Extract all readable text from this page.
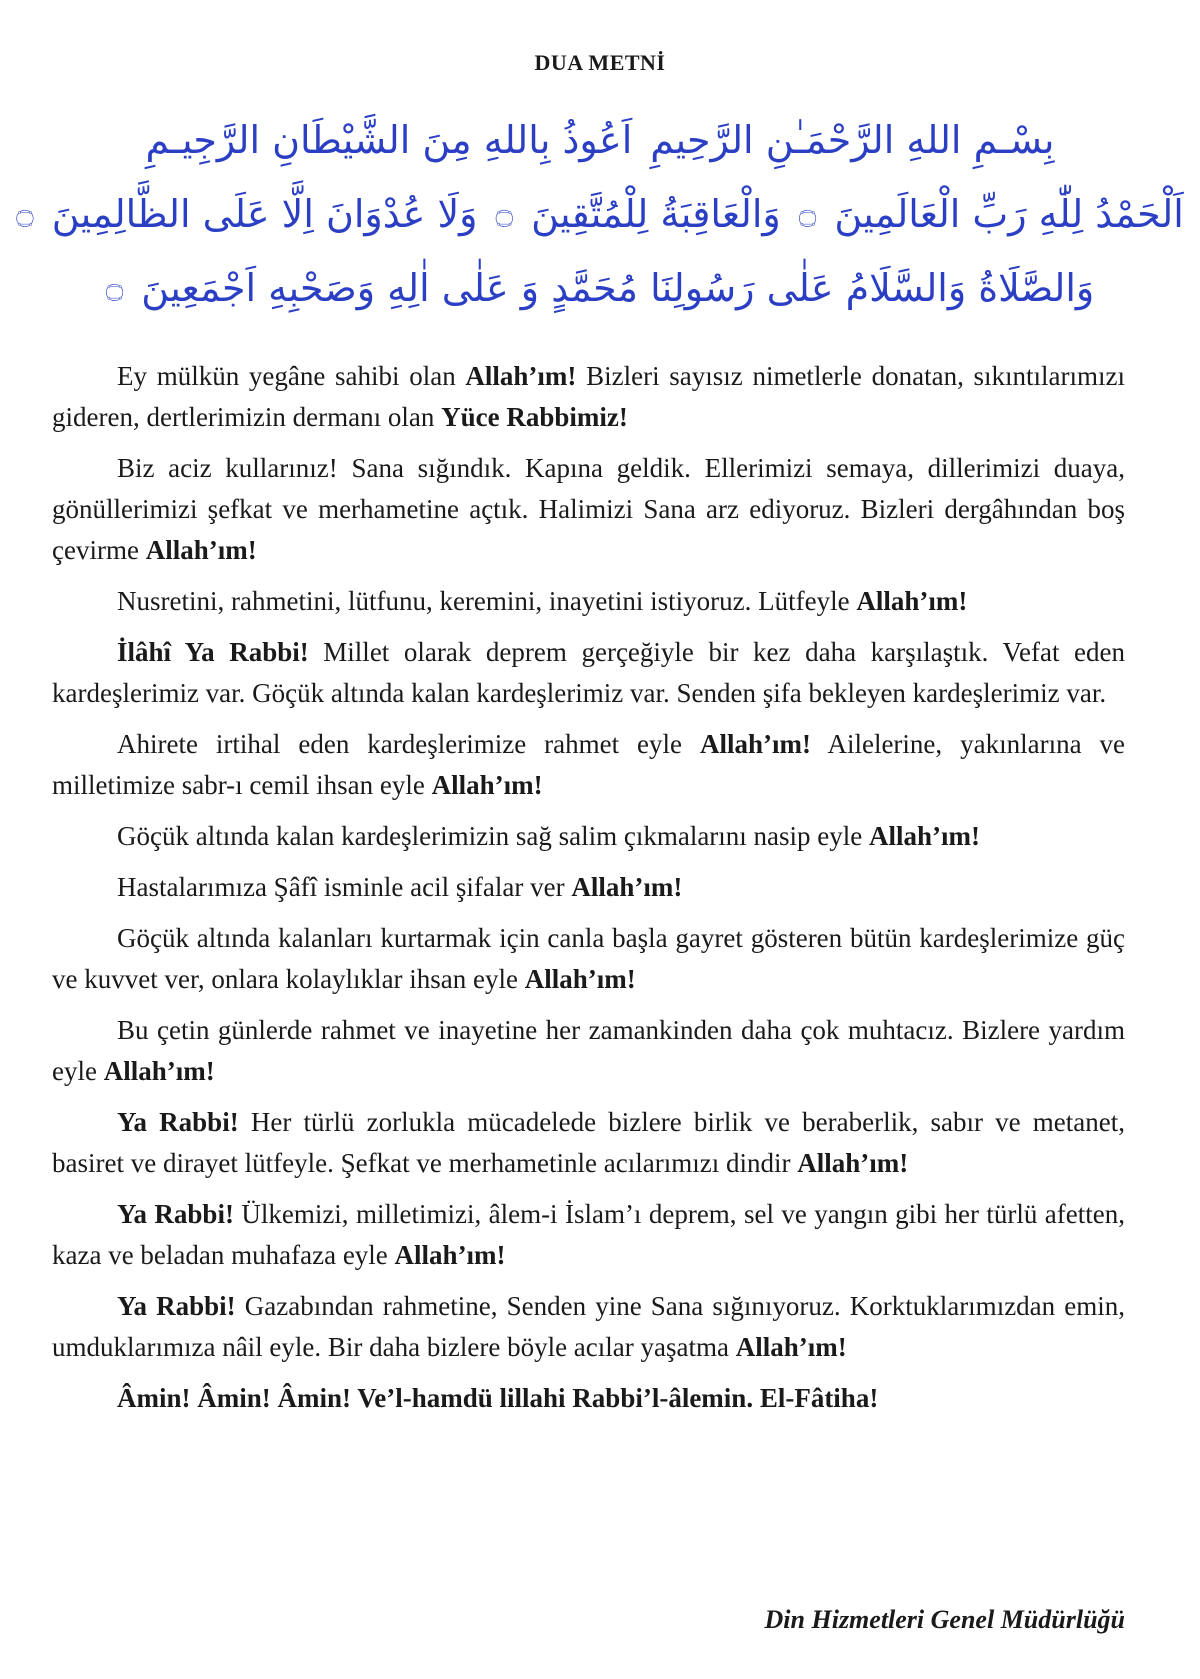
DUA METNİ
بِسْـمِ اللهِ الرَّحْمَـٰنِ الرَّحِيمِ
اَعُوذُ بِاللهِ مِنَ الشَّيْطَانِ الرَّجِيـمِ
اَلْحَمْدُ لِلّٰهِ رَبِّ الْعَالَمِينَ
۝
وَالْعَاقِبَةُ لِلْمُتَّقِينَ
۝
وَلَا عُدْوَانَ اِلَّا عَلَى الظَّالِمِينَ
۝
وَالصَّلَاةُ وَالسَّلَامُ عَلٰى رَسُولِنَا مُحَمَّدٍ وَ عَلٰى اٰلِهِ وَصَحْبِهِ اَجْمَعِينَ
۝

Ey mülkün yegâne sahibi olan Allah’ım! Bizleri sayısız nimetlerle donatan, sıkıntılarımızı gideren, dertlerimizin dermanı olan Yüce Rabbimiz!

Biz aciz kullarınız! Sana sığındık. Kapına geldik. Ellerimizi semaya, dillerimizi duaya, gönüllerimizi şefkat ve merhametine açtık. Halimizi Sana arz ediyoruz. Bizleri dergâhından boş çevirme Allah’ım!

Nusretini, rahmetini, lütfunu, keremini, inayetini istiyoruz. Lütfeyle Allah’ım!

İlâhî Ya Rabbi! Millet olarak deprem gerçeğiyle bir kez daha karşılaştık. Vefat eden kardeşlerimiz var. Göçük altında kalan kardeşlerimiz var. Senden şifa bekleyen kardeşlerimiz var.

Ahirete irtihal eden kardeşlerimize rahmet eyle Allah’ım! Ailelerine, yakınlarına ve milletimize sabr-ı cemil ihsan eyle Allah’ım!

Göçük altında kalan kardeşlerimizin sağ salim çıkmalarını nasip eyle Allah’ım!

Hastalarımıza Şâfî isminle acil şifalar ver Allah’ım!

Göçük altında kalanları kurtarmak için canla başla gayret gösteren bütün kardeşlerimize güç ve kuvvet ver, onlara kolaylıklar ihsan eyle Allah’ım!

Bu çetin günlerde rahmet ve inayetine her zamankinden daha çok muhtacız. Bizlere yardım eyle Allah’ım!

Ya Rabbi! Her türlü zorlukla mücadelede bizlere birlik ve beraberlik, sabır ve metanet, basiret ve dirayet lütfeyle. Şefkat ve merhametinle acılarımızı dindir Allah’ım!

Ya Rabbi! Ülkemizi, milletimizi, âlem-i İslam’ı deprem, sel ve yangın gibi her türlü afetten, kaza ve beladan muhafaza eyle Allah’ım!

Ya Rabbi! Gazabından rahmetine, Senden yine Sana sığınıyoruz. Korktuklarımızdan emin, umduklarımıza nâil eyle. Bir daha bizlere böyle acılar yaşatma Allah’ım!

Âmin! Âmin! Âmin! Ve’l-hamdü lillahi Rabbi’l-âlemin. El-Fâtiha!

Din Hizmetleri Genel Müdürlüğü
